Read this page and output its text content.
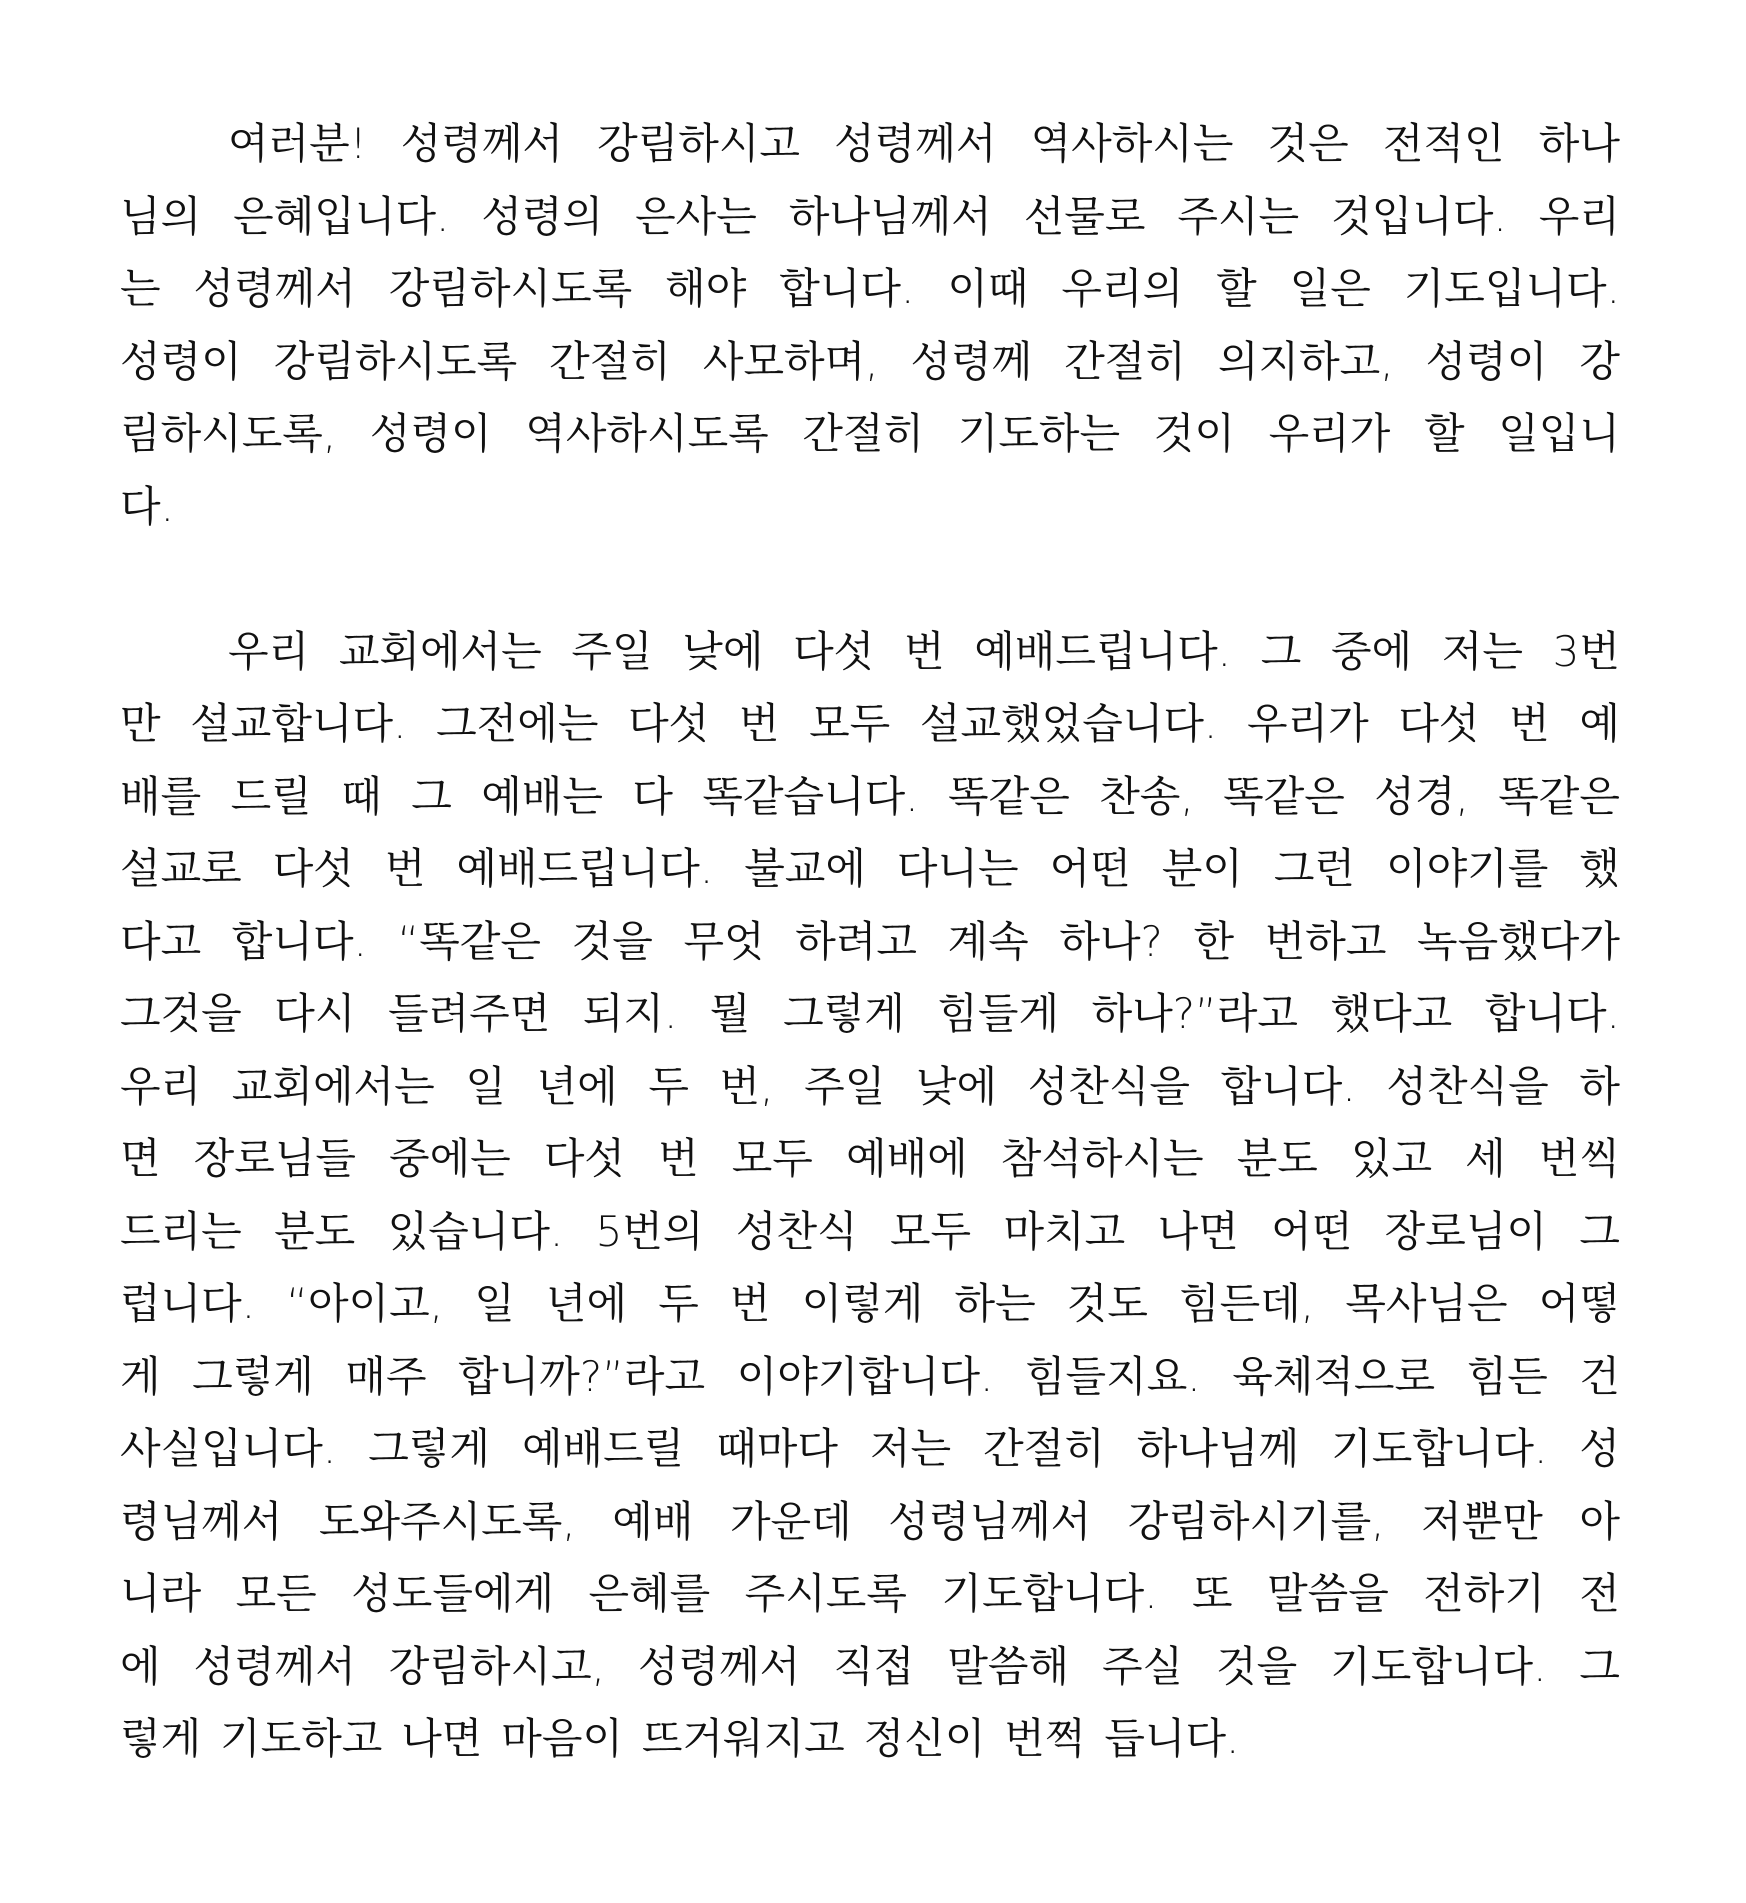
여러분! 성령께서 강림하시고 성령께서 역사하시는 것은 전적인 하나
님의 은혜입니다. 성령의 은사는 하나님께서 선물로 주시는 것입니다. 우리
는 성령께서 강림하시도록 해야 합니다. 이때 우리의 할 일은 기도입니다.
성령이 강림하시도록 간절히 사모하며, 성령께 간절히 의지하고, 성령이 강
림하시도록, 성령이 역사하시도록 간절히 기도하는 것이 우리가 할 일입니
다.
우리 교회에서는 주일 낮에 다섯 번 예배드립니다. 그 중에 저는 3번
만 설교합니다. 그전에는 다섯 번 모두 설교했었습니다. 우리가 다섯 번 예
배를 드릴 때 그 예배는 다 똑같습니다. 똑같은 찬송, 똑같은 성경, 똑같은
설교로 다섯 번 예배드립니다. 불교에 다니는 어떤 분이 그런 이야기를 했
다고 합니다. “똑같은 것을 무엇 하려고 계속 하나? 한 번하고 녹음했다가
그것을 다시 들려주면 되지. 뭘 그렇게 힘들게 하나?”라고 했다고 합니다.
우리 교회에서는 일 년에 두 번, 주일 낮에 성찬식을 합니다. 성찬식을 하
면 장로님들 중에는 다섯 번 모두 예배에 참석하시는 분도 있고 세 번씩
드리는 분도 있습니다. 5번의 성찬식 모두 마치고 나면 어떤 장로님이 그
럽니다. “아이고, 일 년에 두 번 이렇게 하는 것도 힘든데, 목사님은 어떻
게 그렇게 매주 합니까?”라고 이야기합니다. 힘들지요. 육체적으로 힘든 건
사실입니다. 그렇게 예배드릴 때마다 저는 간절히 하나님께 기도합니다. 성
령님께서 도와주시도록, 예배 가운데 성령님께서 강림하시기를, 저뿐만 아
니라 모든 성도들에게 은혜를 주시도록 기도합니다. 또 말씀을 전하기 전
에 성령께서 강림하시고, 성령께서 직접 말씀해 주실 것을 기도합니다. 그
렇게 기도하고 나면 마음이 뜨거워지고 정신이 번쩍 듭니다.
